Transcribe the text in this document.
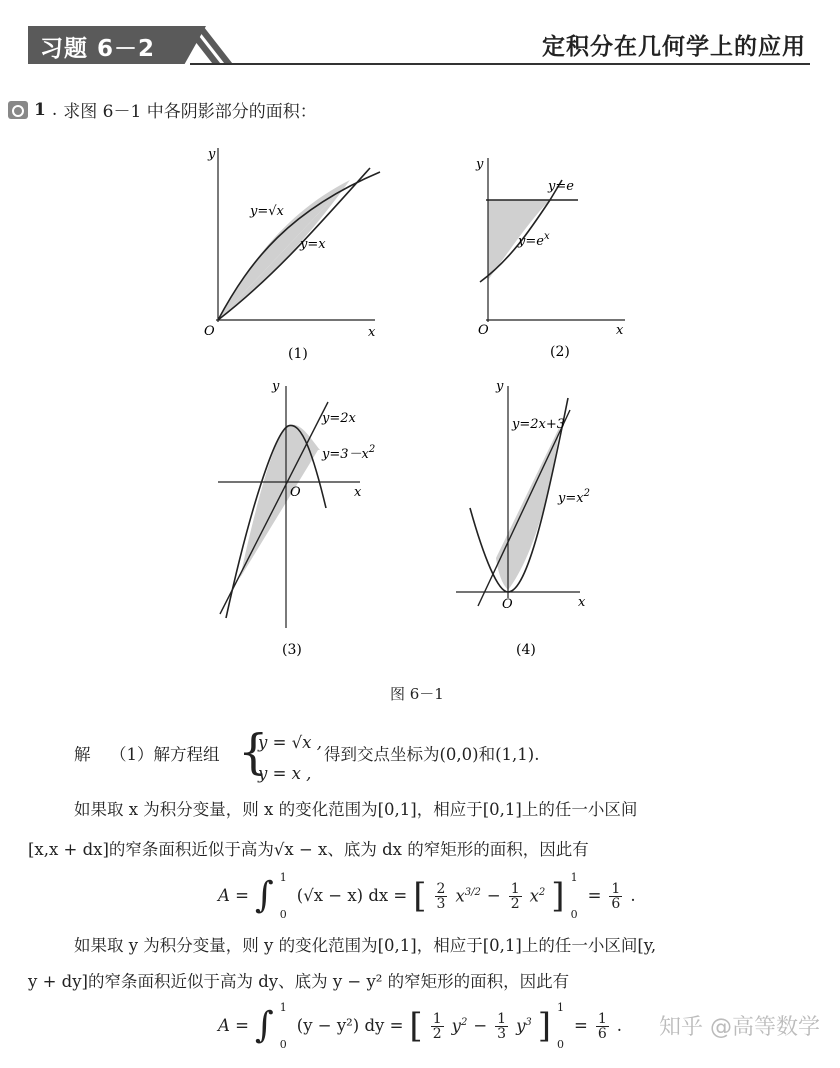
习题 6－2	定积分在几何学上的应用
1 . 求图 6－1 中各阴影部分的面积：
y
x
O
y=√x
y=x
(1)
y
x
O
y=e
$y=e^x$
(2)
y
x
O
y=2x
$y=3-x^2$
(3)
y
x
O
y=2x+3
$y=x^2$
(4)
图 6－1
解 （1）解方程组 {
y = √x ,
y = x ,
得到交点坐标为(0,0)和(1,1).
如果取 x 为积分变量，则 x 的变化范围为[0,1]，相应于[0,1]上的任一小区间
[x,x + dx]的窄条面积近似于高为√x − x、底为 dx 的窄矩形的面积，因此有
A = ∫ 1
0
(√x − x) dx = [ $\frac{2}{3} x^{3/2} - \frac{1}{2} x^2$ ] 1
0
= $\frac{1}{6}$ .
如果取 y 为积分变量，则 y 的变化范围为[0,1]，相应于[0,1]上的任一小区间[y,
y + dy]的窄条面积近似于高为 dy、底为 y − y² 的窄矩形的面积，因此有
A = ∫ 1
0
(y − y²) dy = [ $\frac{1}{2} y^2 - \frac{1}{3} y^3$ ] 1
0
= $\frac{1}{6}$ . 知乎 @高等数学
